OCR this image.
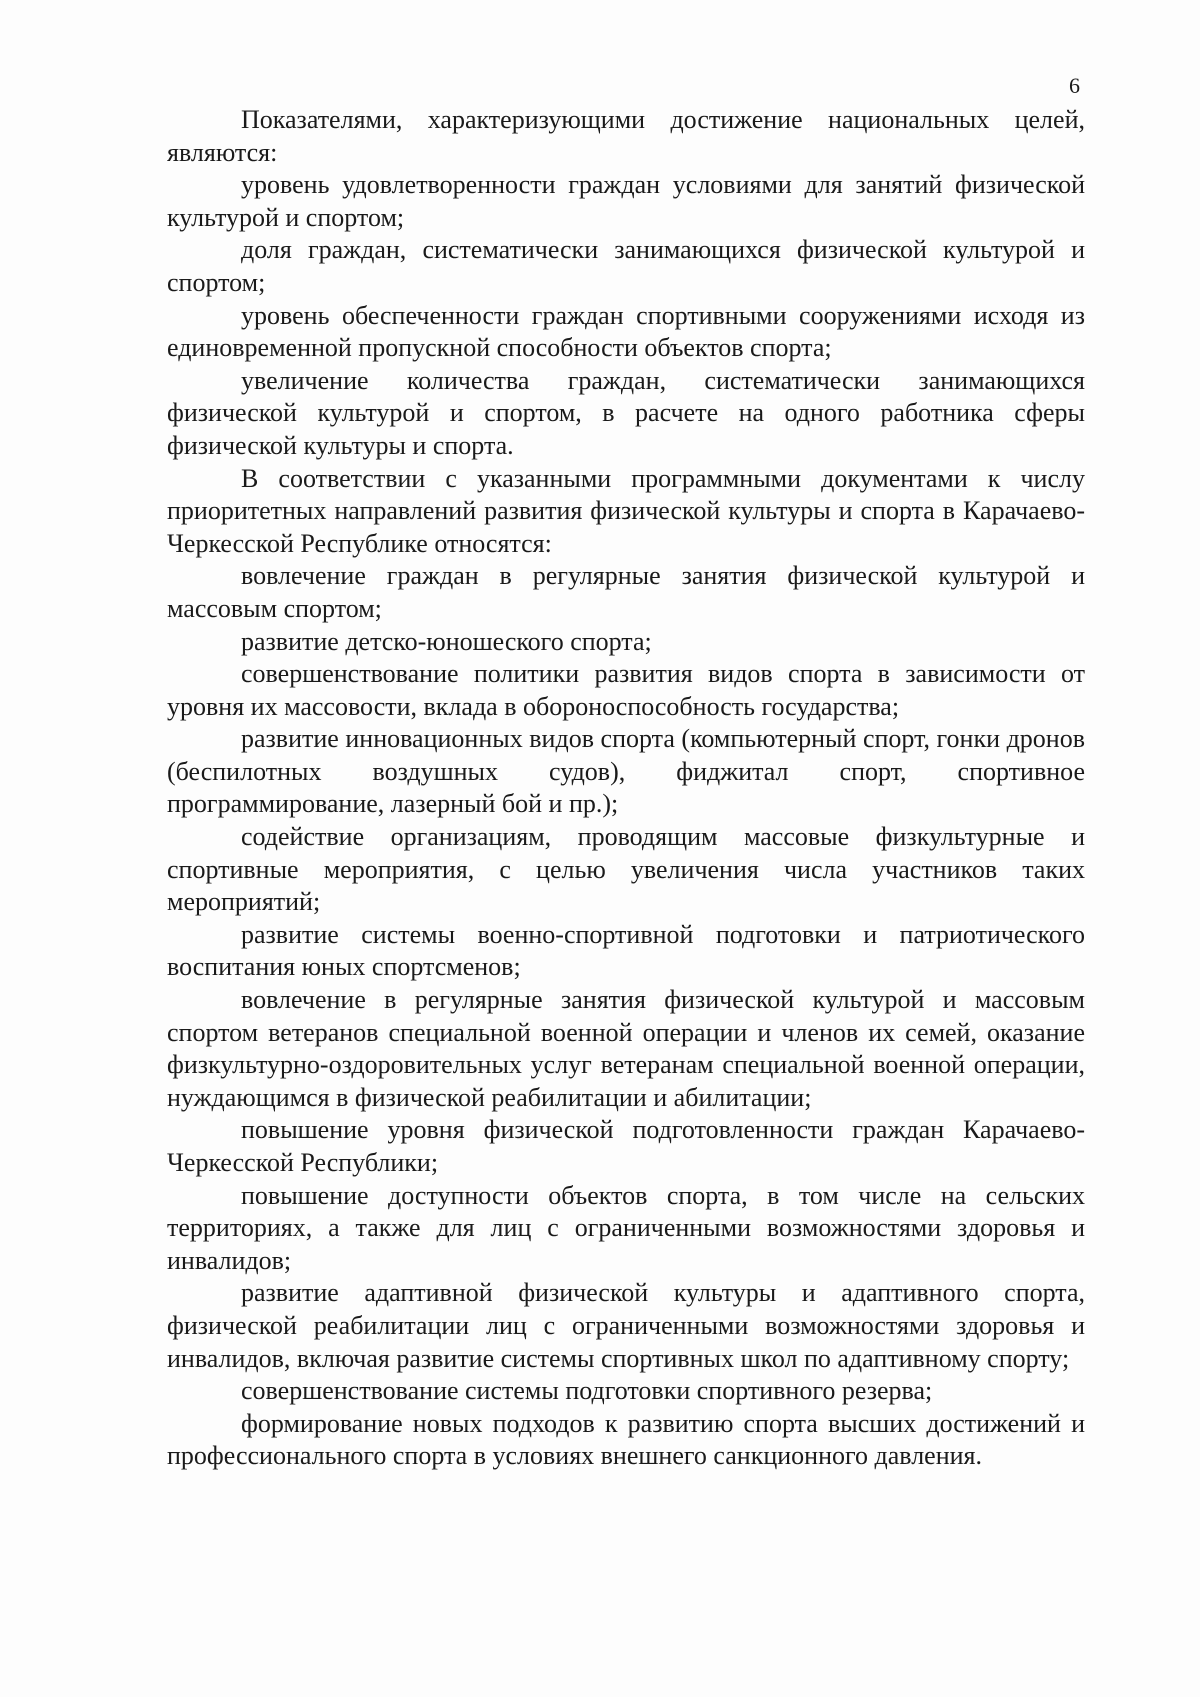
6

Показателями, характеризующими достижение национальных целей, являются:

уровень удовлетворенности граждан условиями для занятий физической культурой и спортом;

доля граждан, систематически занимающихся физической культурой и спортом;

уровень обеспеченности граждан спортивными сооружениями исходя из единовременной пропускной способности объектов спорта;

увеличение количества граждан, систематически занимающихся физической культурой и спортом, в расчете на одного работника сферы физической культуры и спорта.

В соответствии с указанными программными документами к числу приоритетных направлений развития физической культуры и спорта в Карачаево-Черкесской Республике относятся:

вовлечение граждан в регулярные занятия физической культурой и массовым спортом;

развитие детско-юношеского спорта;

совершенствование политики развития видов спорта в зависимости от уровня их массовости, вклада в обороноспособность государства;

развитие инновационных видов спорта (компьютерный спорт, гонки дронов (беспилотных воздушных судов), фиджитал спорт, спортивное программирование, лазерный бой и пр.);

содействие организациям, проводящим массовые физкультурные и спортивные мероприятия, с целью увеличения числа участников таких мероприятий;

развитие системы военно-спортивной подготовки и патриотического воспитания юных спортсменов;

вовлечение в регулярные занятия физической культурой и массовым спортом ветеранов специальной военной операции и членов их семей, оказание физкультурно-оздоровительных услуг ветеранам специальной военной операции, нуждающимся в физической реабилитации и абилитации;

повышение уровня физической подготовленности граждан Карачаево-Черкесской Республики;

повышение доступности объектов спорта, в том числе на сельских территориях, а также для лиц с ограниченными возможностями здоровья и инвалидов;

развитие адаптивной физической культуры и адаптивного спорта, физической реабилитации лиц с ограниченными возможностями здоровья и инвалидов, включая развитие системы спортивных школ по адаптивному спорту;

совершенствование системы подготовки спортивного резерва;

формирование новых подходов к развитию спорта высших достижений и профессионального спорта в условиях внешнего санкционного давления.
